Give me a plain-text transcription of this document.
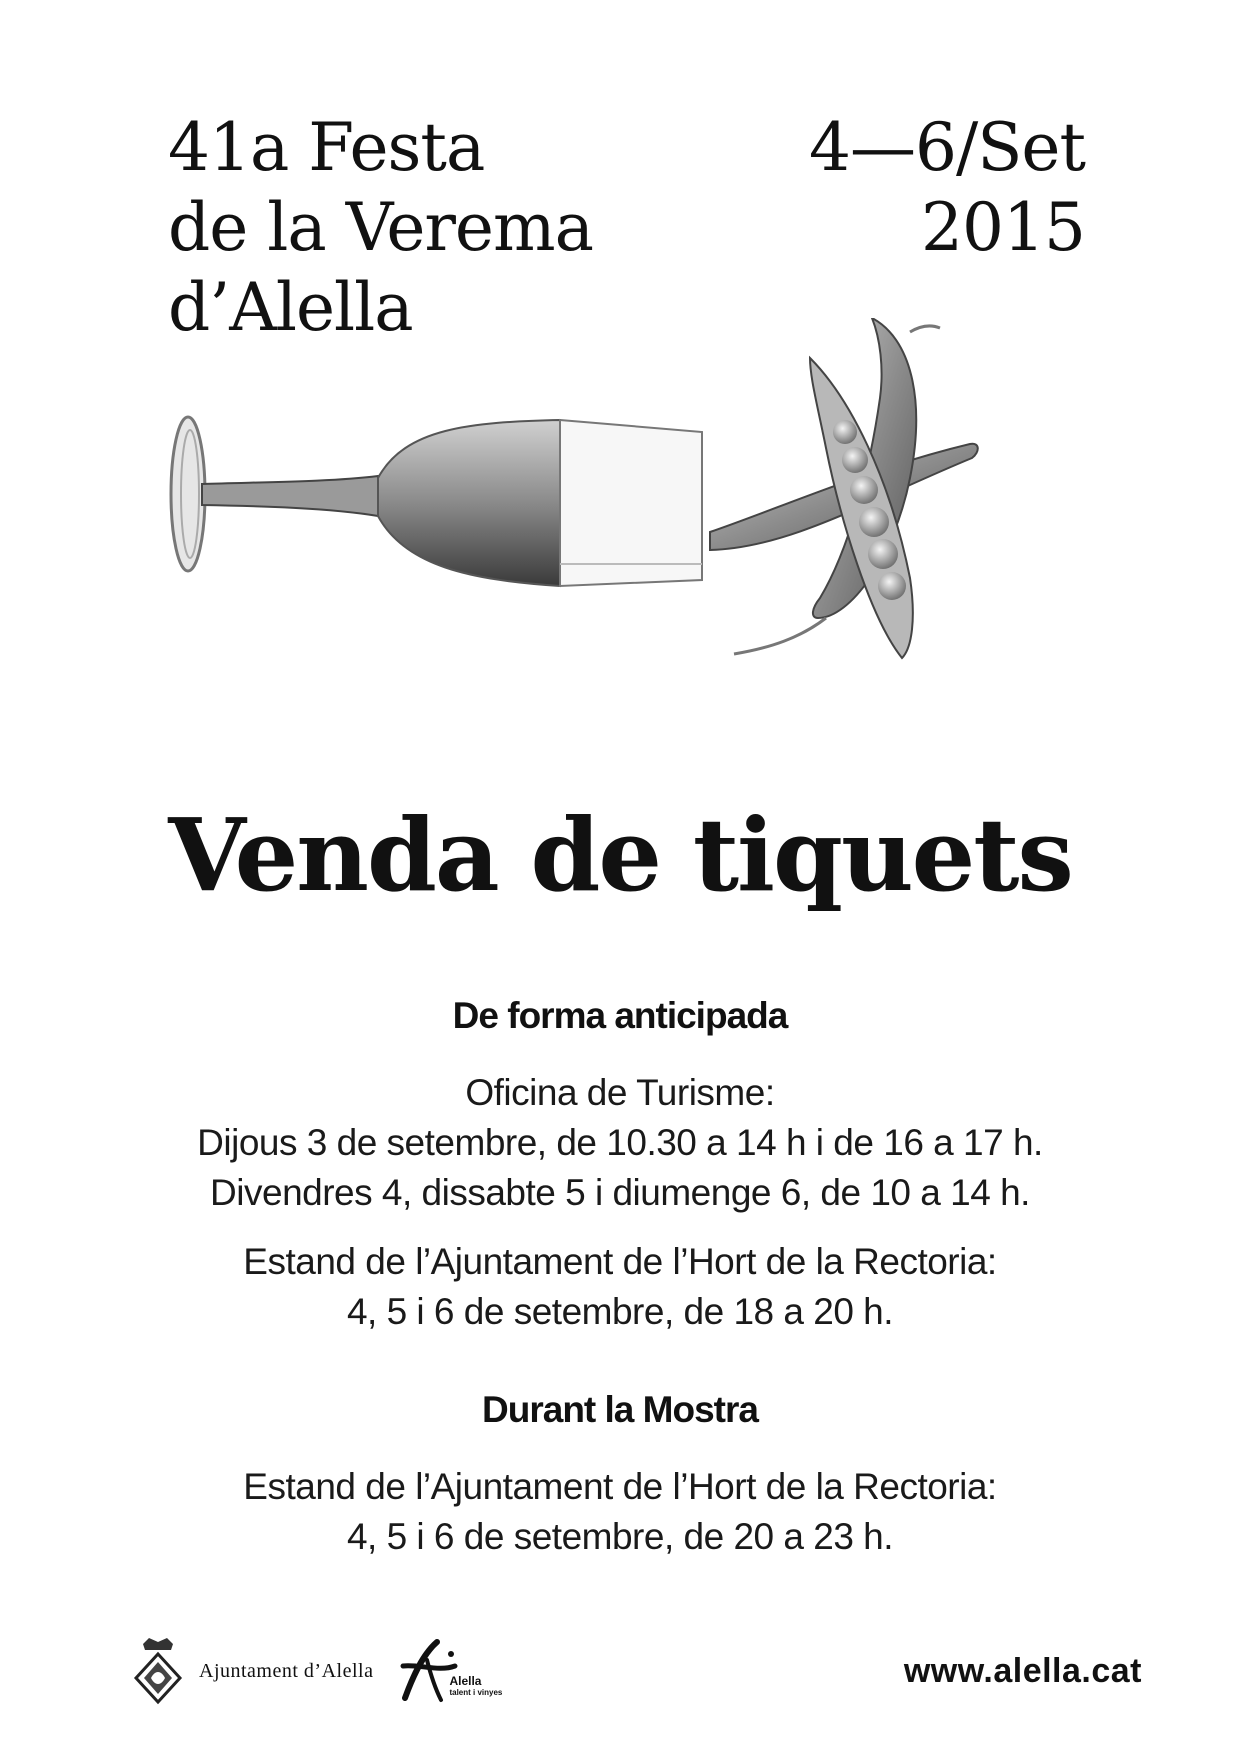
41a Festa
de la Verema
d’Alella
4—6/Set
2015
Venda de tiquets
De forma anticipada
Oficina de Turisme:
Dijous 3 de setembre, de 10.30 a 14 h i de 16 a 17 h.
Divendres 4, dissabte 5 i diumenge 6, de 10 a 14 h.
Estand de l’Ajuntament de l’Hort de la Rectoria:
4, 5 i 6 de setembre, de 18 a 20 h.
Durant la Mostra
Estand de l’Ajuntament de l’Hort de la Rectoria:
4, 5 i 6 de setembre, de 20 a 23 h.
Ajuntament d’Alella	Alella
talent i vinyes
www.alella.cat
